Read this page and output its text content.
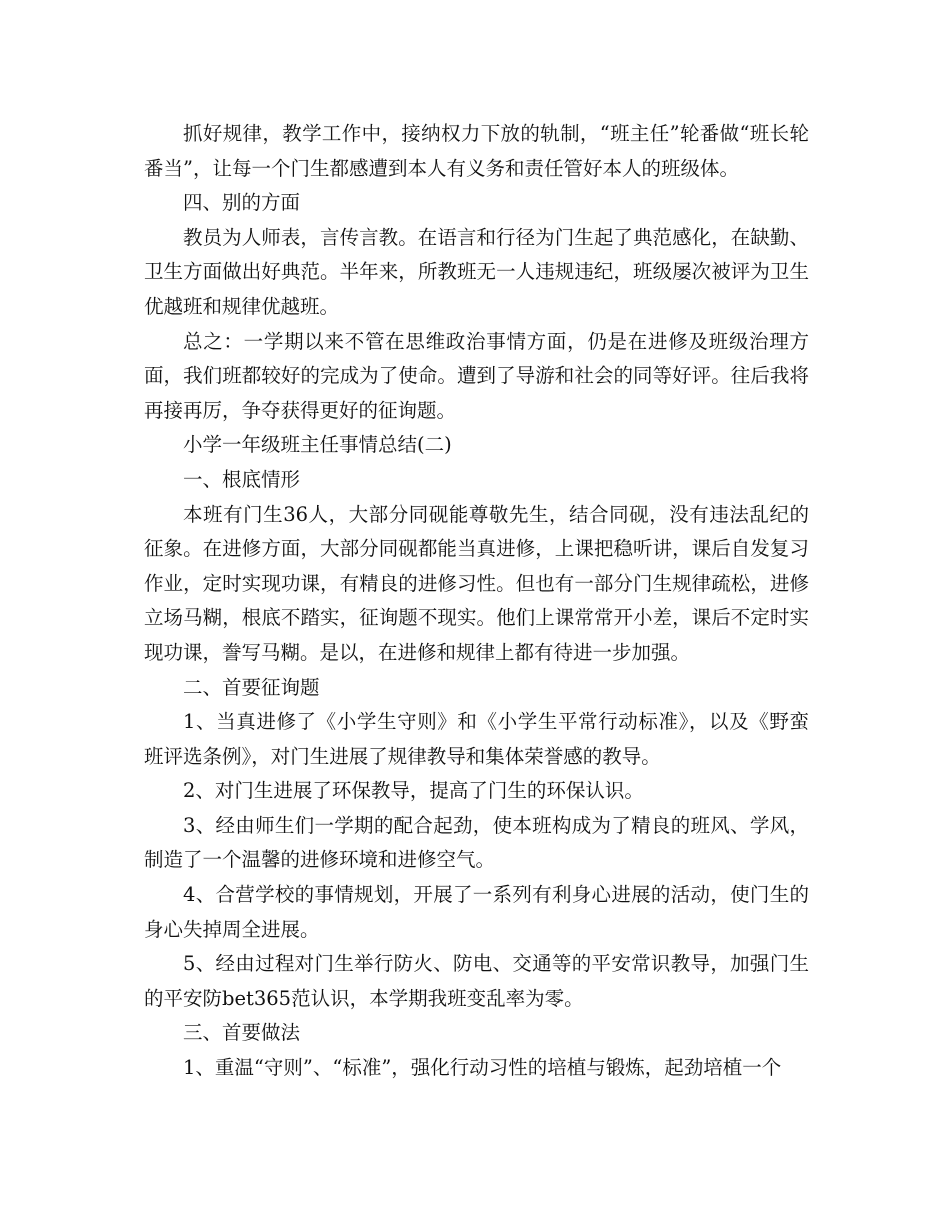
抓好规律，教学工作中，接纳权力下放的轨制，“班主任”轮番做“班长轮番当”，让每一个门生都感遭到本人有义务和责任管好本人的班级体。

四、别的方面

教员为人师表，言传言教。在语言和行径为门生起了典范感化，在缺勤、卫生方面做出好典范。半年来，所教班无一人违规违纪，班级屡次被评为卫生优越班和规律优越班。

总之：一学期以来不管在思维政治事情方面，仍是在进修及班级治理方面，我们班都较好的完成为了使命。遭到了导游和社会的同等好评。往后我将再接再厉，争夺获得更好的征询题。

小学一年级班主任事情总结(二)

一、根底情形

本班有门生36人，大部分同砚能尊敬先生，结合同砚，没有违法乱纪的征象。在进修方面，大部分同砚都能当真进修，上课把稳听讲，课后自发复习作业，定时实现功课，有精良的进修习性。但也有一部分门生规律疏松，进修立场马糊，根底不踏实，征询题不现实。他们上课常常开小差，课后不定时实现功课，誊写马糊。是以，在进修和规律上都有待进一步加强。

二、首要征询题

1、当真进修了《小学生守则》和《小学生平常行动标准》，以及《野蛮班评选条例》，对门生进展了规律教导和集体荣誉感的教导。

2、对门生进展了环保教导，提高了门生的环保认识。

3、经由师生们一学期的配合起劲，使本班构成为了精良的班风、学风，制造了一个温馨的进修环境和进修空气。

4、合营学校的事情规划，开展了一系列有利身心进展的活动，使门生的身心失掉周全进展。

5、经由过程对门生举行防火、防电、交通等的平安常识教导，加强门生的平安防bet365范认识，本学期我班变乱率为零。

三、首要做法

1、重温“守则”、“标准”，强化行动习性的培植与锻炼，起劲培植一个
